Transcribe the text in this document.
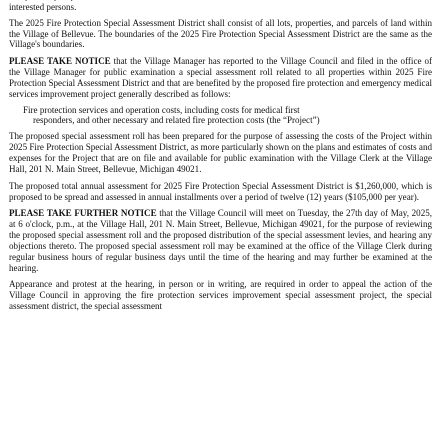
interested persons.

The 2025 Fire Protection Special Assessment District shall consist of all lots, properties, and parcels of land within the Village of Bellevue. The boundaries of the 2025 Fire Protection Special Assessment District are the same as the Village's boundaries.

PLEASE TAKE NOTICE that the Village Manager has reported to the Village Council and filed in the office of the Village Manager for public examination a special assessment roll related to all properties within 2025 Fire Protection Special Assessment District and that are benefited by the proposed fire protection and emergency medical services improvement project generally described as follows:

Fire protection services and operation costs, including costs for medical first
responders, and other necessary and related fire protection costs (the “Project”)

The proposed special assessment roll has been prepared for the purpose of assessing the costs of the Project within 2025 Fire Protection Special Assessment District, as more particularly shown on the plans and estimates of costs and expenses for the Project that are on file and available for public examination with the Village Clerk at the Village Hall, 201 N. Main Street, Bellevue, Michigan 49021.

The proposed total annual assessment for 2025 Fire Protection Special Assessment District is $1,260,000, which is proposed to be spread and assessed in annual installments over a period of twelve (12) years ($105,000 per year).

PLEASE TAKE FURTHER NOTICE that the Village Council will meet on Tuesday, the 27th day of May, 2025, at 6 o'clock, p.m., at the Village Hall, 201 N. Main Street, Bellevue, Michigan 49021, for the purpose of reviewing the proposed special assessment roll and the proposed distribution of the special assessment levies, and hearing any objections thereto. The proposed special assessment roll may be examined at the office of the Village Clerk during regular business hours of regular business days until the time of the hearing and may further be examined at the hearing.

Appearance and protest at the hearing, in person or in writing, are required in order to appeal the action of the Village Council in approving the fire protection services improvement special assessment project, the special assessment district, the special assessment
